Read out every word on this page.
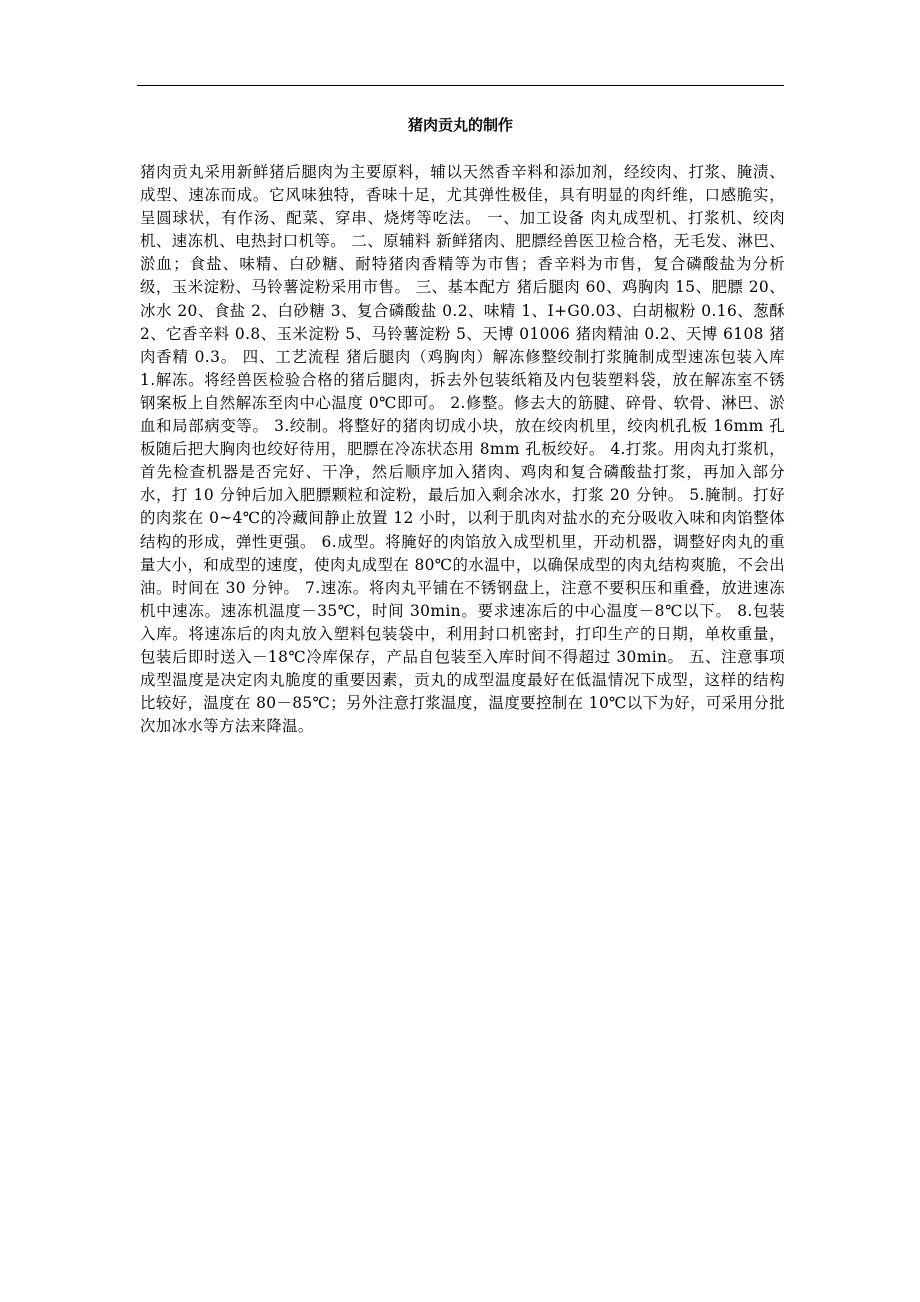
猪肉贡丸的制作

猪肉贡丸采用新鲜猪后腿肉为主要原料，辅以天然香辛料和添加剂，经绞肉、打浆、腌渍、成型、速冻而成。它风味独特，香味十足，尤其弹性极佳，具有明显的肉纤维，口感脆实，呈圆球状，有作汤、配菜、穿串、烧烤等吃法。 一、加工设备 肉丸成型机、打浆机、绞肉机、速冻机、电热封口机等。 二、原辅料 新鲜猪肉、肥膘经兽医卫检合格，无毛发、淋巴、淤血；食盐、味精、白砂糖、耐特猪肉香精等为市售；香辛料为市售，复合磷酸盐为分析级，玉米淀粉、马铃薯淀粉采用市售。 三、基本配方 猪后腿肉 60、鸡胸肉 15、肥膘 20、冰水 20、食盐 2、白砂糖 3、复合磷酸盐 0.2、味精 1、I+G0.03、白胡椒粉 0.16、葱酥 2、它香辛料 0.8、玉米淀粉 5、马铃薯淀粉 5、天博 01006 猪肉精油 0.2、天博 6108 猪肉香精 0.3。 四、工艺流程 猪后腿肉（鸡胸肉）解冻修整绞制打浆腌制成型速冻包装入库 1.解冻。将经兽医检验合格的猪后腿肉，拆去外包装纸箱及内包装塑料袋，放在解冻室不锈钢案板上自然解冻至肉中心温度 0℃即可。 2.修整。修去大的筋腱、碎骨、软骨、淋巴、淤血和局部病变等。 3.绞制。将整好的猪肉切成小块，放在绞肉机里，绞肉机孔板 16mm 孔板随后把大胸肉也绞好待用，肥膘在冷冻状态用 8mm 孔板绞好。 4.打浆。用肉丸打浆机，首先检查机器是否完好、干净，然后顺序加入猪肉、鸡肉和复合磷酸盐打浆，再加入部分水，打 10 分钟后加入肥膘颗粒和淀粉，最后加入剩余冰水，打浆 20 分钟。 5.腌制。打好的肉浆在 0~4℃的冷藏间静止放置 12 小时，以利于肌肉对盐水的充分吸收入味和肉馅整体结构的形成，弹性更强。 6.成型。将腌好的肉馅放入成型机里，开动机器，调整好肉丸的重量大小，和成型的速度，使肉丸成型在 80℃的水温中，以确保成型的肉丸结构爽脆，不会出油。时间在 30 分钟。 7.速冻。将肉丸平铺在不锈钢盘上，注意不要积压和重叠，放进速冻机中速冻。速冻机温度－35℃，时间 30min。要求速冻后的中心温度－8℃以下。 8.包装入库。将速冻后的肉丸放入塑料包装袋中，利用封口机密封，打印生产的日期，单枚重量，包装后即时送入－18℃冷库保存，产品自包装至入库时间不得超过 30min。 五、注意事项 成型温度是决定肉丸脆度的重要因素，贡丸的成型温度最好在低温情况下成型，这样的结构比较好，温度在 80－85℃；另外注意打浆温度，温度要控制在 10℃以下为好，可采用分批次加冰水等方法来降温。
